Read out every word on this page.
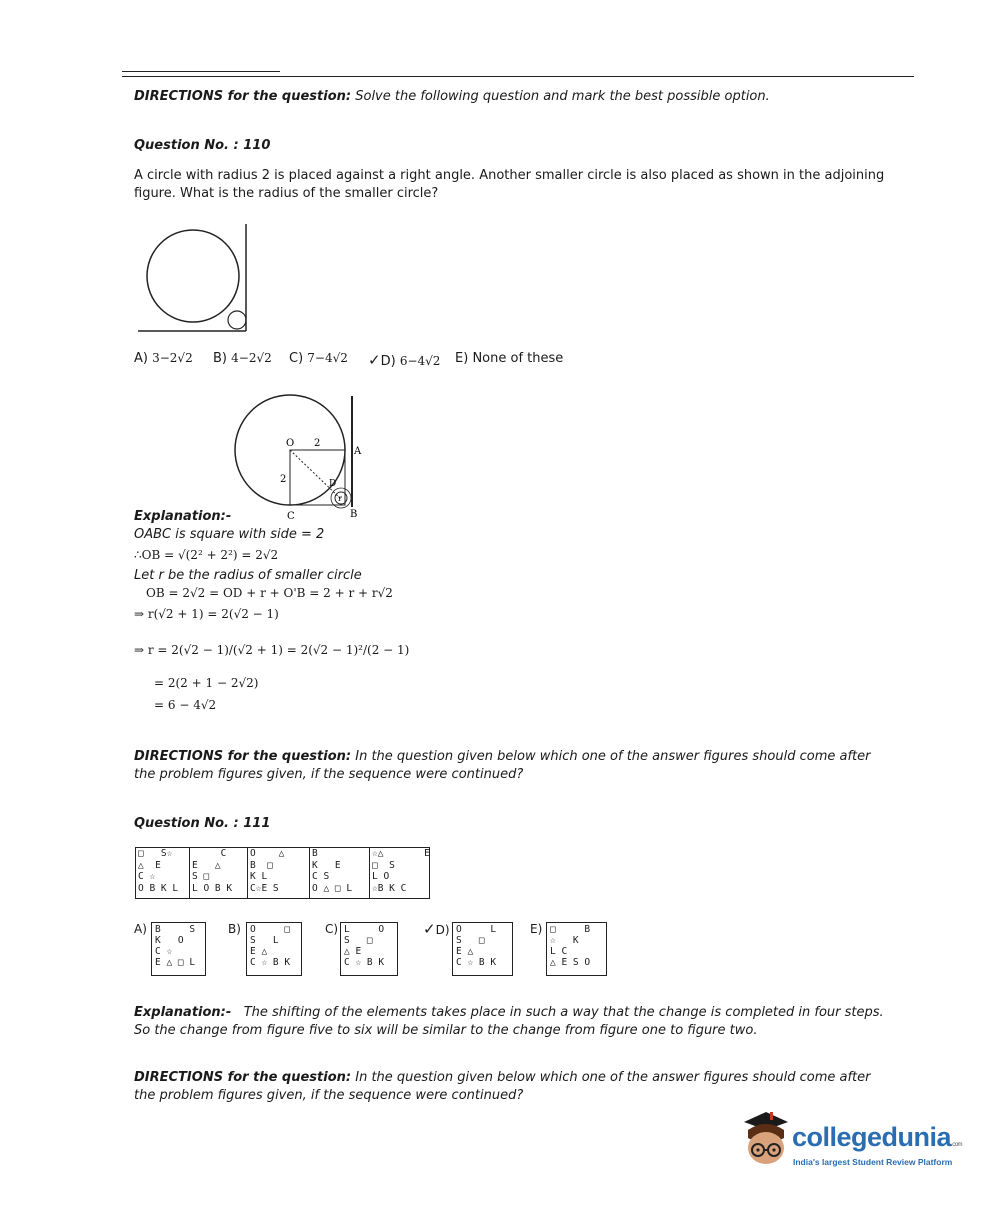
DIRECTIONS for the question: Solve the following question and mark the best possible option.
Question No. : 110
A circle with radius 2 is placed against a right angle. Another smaller circle is also placed as shown in the adjoining figure. What is the radius of the smaller circle?
A) 3−2√2 B) 4−2√2 C) 7−4√2 ✓D) 6−4√2 E) None of these
O 2
2
A
B
C
D
r
Explanation:-
OABC is square with side = 2
∴OB = √(2² + 2²) = 2√2
Let r be the radius of smaller circle
OB = 2√2 = OD + r + O'B = 2 + r + r√2
⇒ r(√2 + 1) = 2(√2 − 1)
⇒ r = 2(√2 − 1)/(√2 + 1) = 2(√2 − 1)²/(2 − 1)
= 2(2 + 1 − 2√2)
= 6 − 4√2
DIRECTIONS for the question: In the question given below which one of the answer figures should come after the problem figures given, if the sequence were continued?
Question No. : 111
□   S☆
△  E
C ☆
O B K L
C
E   △
S □
L O B K
O    △
B  □
K L
C☆E S
B
K   E
C S
O △ □ L
☆△
□  S
L O
☆B K C
E

A) B     S
K   O
C ☆
E △ □ L
B) O     □
S   L
E △
C ☆ B K
C) L     O
S   □
△ E
C ☆ B K
✓D) O     L
S   □
E △
C ☆ B K
E) □     B
☆   K
L C
△ E S O
Explanation:- The shifting of the elements takes place in such a way that the change is completed in four steps. So the change from figure five to six will be similar to the change from figure one to figure two.
DIRECTIONS for the question: In the question given below which one of the answer figures should come after the problem figures given, if the sequence were continued?
collegedunia.com
India's largest Student Review Platform
